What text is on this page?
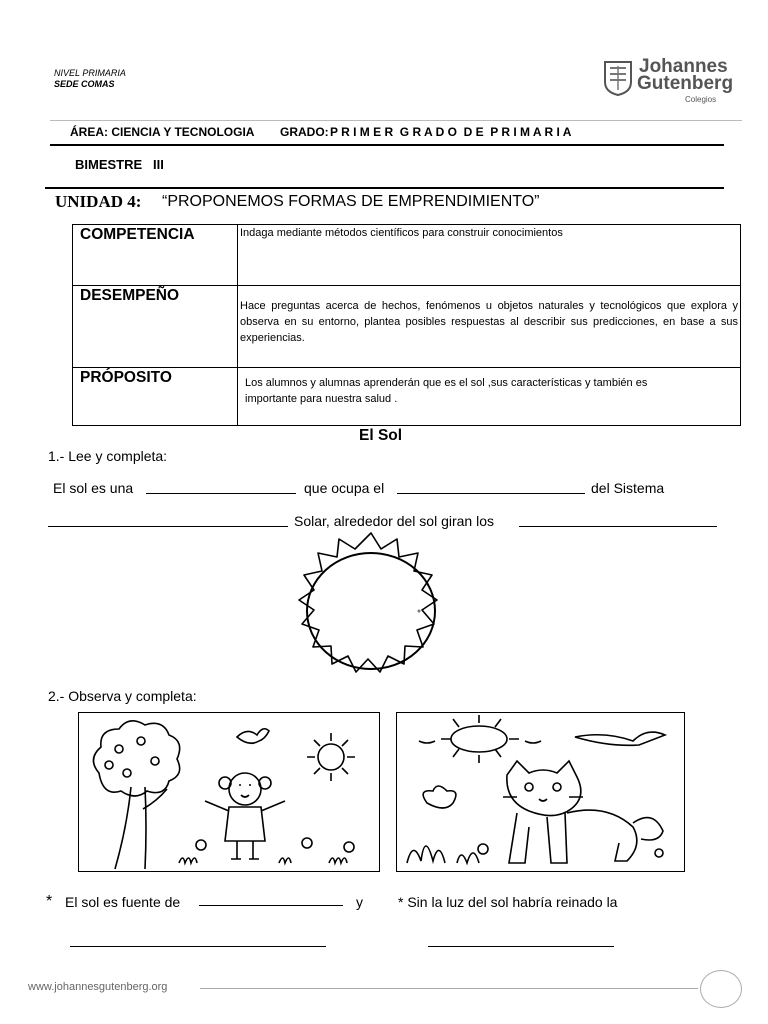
NIVEL PRIMARIA
SEDE COMAS
Johannes
Gutenberg
Colegios
ÁREA: CIENCIA Y TECNOLOGIA GRADO: P R I M E R  G R A D O  D E  P R I M A R I A
BIMESTRE   III
UNIDAD 4: “PROPONEMOS FORMAS DE EMPRENDIMIENTO”
COMPETENCIA	Indaga mediante métodos científicos para construir conocimientos
DESEMPEÑO	Hace preguntas acerca de hechos, fenómenos u objetos naturales y tecnológicos que explora y observa en su entorno, plantea posibles respuestas al describir sus predicciones, en base a sus experiencias.
PRÓPOSITO	Los alumnos y alumnas aprenderán que es el sol ,sus características y también es importante para nuestra salud .
El Sol
1.- Lee y completa:
El sol es una	que ocupa el	del Sistema
Solar, alrededor del sol giran los
2.- Observa y completa:
* El sol es fuente de	y	* Sin la luz del sol habría reinado la
www.johannesgutenberg.org
